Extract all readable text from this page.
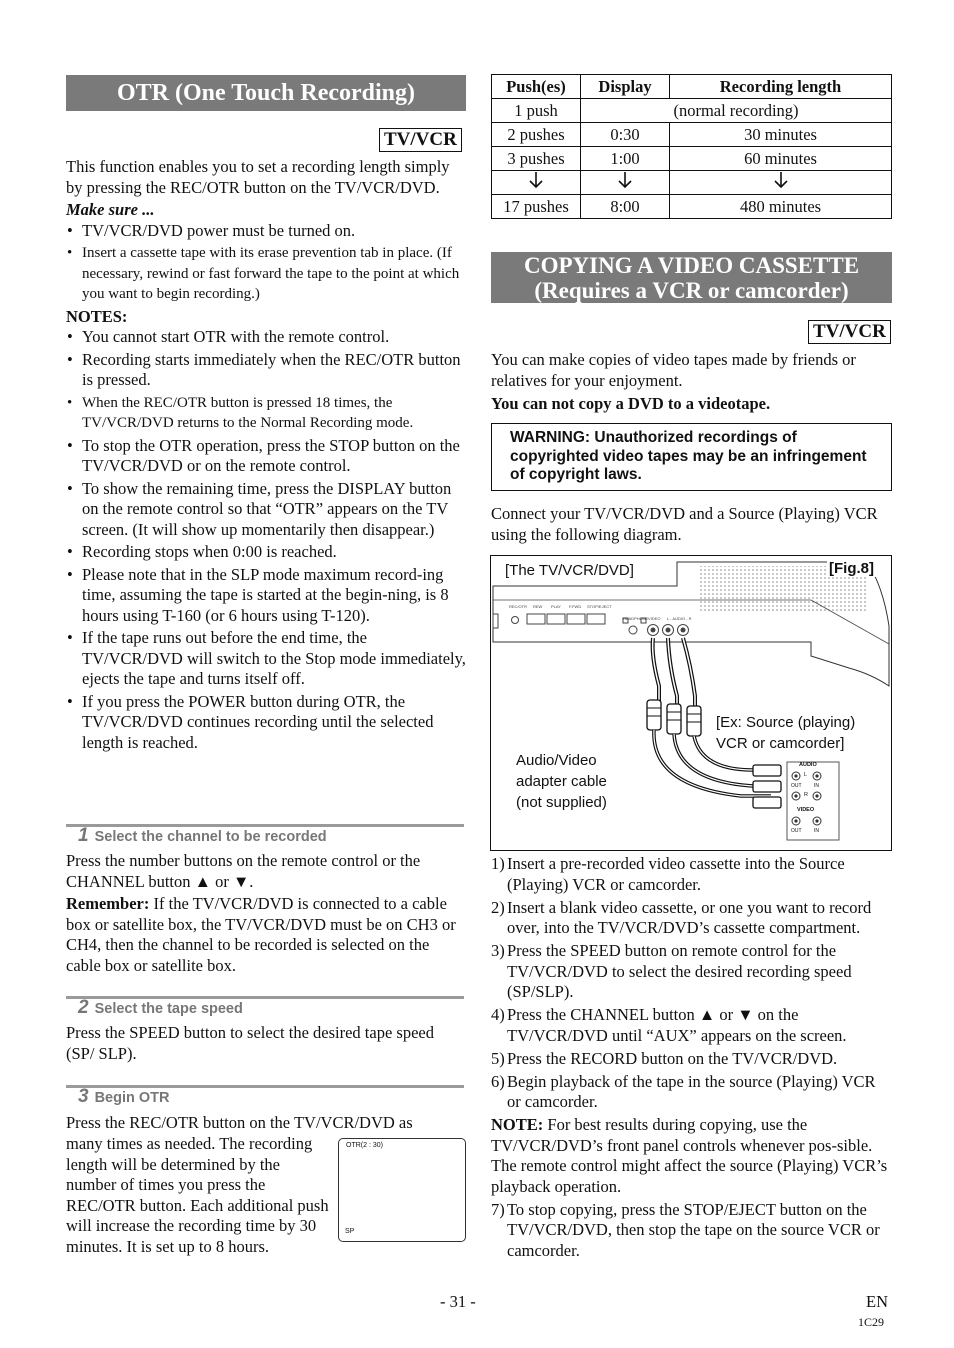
OTR (One Touch Recording)
TV/VCR

This function enables you to set a recording length simply by pressing the REC/OTR button on the TV/VCR/DVD.

Make sure ...

• TV/VCR/DVD power must be turned on.
• Insert a cassette tape with its erase prevention tab in place. (If necessary, rewind or fast forward the tape to the point at which you want to begin recording.)

NOTES:

• You cannot start OTR with the remote control.
• Recording starts immediately when the REC/OTR button is pressed.
• When the REC/OTR button is pressed 18 times, the TV/VCR/DVD returns to the Normal Recording mode.
• To stop the OTR operation, press the STOP button on the TV/VCR/DVD or on the remote control.
• To show the remaining time, press the DISPLAY button on the remote control so that “OTR” appears on the TV screen. (It will show up momentarily then disappear.)
• Recording stops when 0:00 is reached.
• Please note that in the SLP mode maximum record-ing time, assuming the tape is started at the begin-ning, is 8 hours using T-160 (or 6 hours using T-120).
• If the tape runs out before the end time, the TV/VCR/DVD will switch to the Stop mode immediately, ejects the tape and turns itself off.
• If you press the POWER button during OTR, the TV/VCR/DVD continues recording until the selected length is reached.
1 Select the channel to be recorded

Press the number buttons on the remote control or the CHANNEL button ▲ or ▼.

Remember: If the TV/VCR/DVD is connected to a cable box or satellite box, the TV/VCR/DVD must be on CH3 or CH4, then the channel to be recorded is selected on the cable box or satellite box.

2 Select the tape speed

Press the SPEED button to select the desired tape speed (SP/ SLP).

3 Begin OTR

Press the REC/OTR button on the TV/VCR/DVD as

many times as needed. The recording length will be determined by the number of times you press the REC/OTR button. Each additional push will increase the recording time by 30 minutes. It is set up to 8 hours.

OTR(2 : 30)
SP
Push(es)	Display	Recording length
1 push	(normal recording)	
2 pushes	0:30	30 minutes
3 pushes	1:00	60 minutes

17 pushes	8:00	480 minutes
COPYING A VIDEO CASSETTE
(Requires a VCR or camcorder)
TV/VCR

You can make copies of video tapes made by friends or relatives for your enjoyment.

You can not copy a DVD to a videotape.

WARNING: Unauthorized recordings of copyrighted video tapes may be an infringement of copyright laws.

Connect your TV/VCR/DVD and a Source (Playing) VCR using the following diagram.

REC/OTR REW PLAY F.FWD STOP/EJECT
HEADPHONE VIDEO L - AUDIO - R
[The TV/VCR/DVD]	[Fig.8]
[Ex: Source (playing) VCR or camcorder]
Audio/Video adapter cable (not supplied)
AUDIO
L
R
OUT IN
VIDEO
OUT IN
1) Insert a pre-recorded video cassette into the Source (Playing) VCR or camcorder.
2) Insert a blank video cassette, or one you want to record over, into the TV/VCR/DVD’s cassette compartment.
3) Press the SPEED button on remote control for the TV/VCR/DVD to select the desired recording speed (SP/SLP).
4) Press the CHANNEL button ▲ or ▼ on the TV/VCR/DVD until “AUX” appears on the screen.
5) Press the RECORD button on the TV/VCR/DVD.
6) Begin playback of the tape in the source (Playing) VCR or camcorder.

NOTE: For best results during copying, use the TV/VCR/DVD’s front panel controls whenever pos-sible. The remote control might affect the source (Playing) VCR’s playback operation.

7) To stop copying, press the STOP/EJECT button on the TV/VCR/DVD, then stop the tape on the source VCR or camcorder.
- 31 -	EN
1C29
